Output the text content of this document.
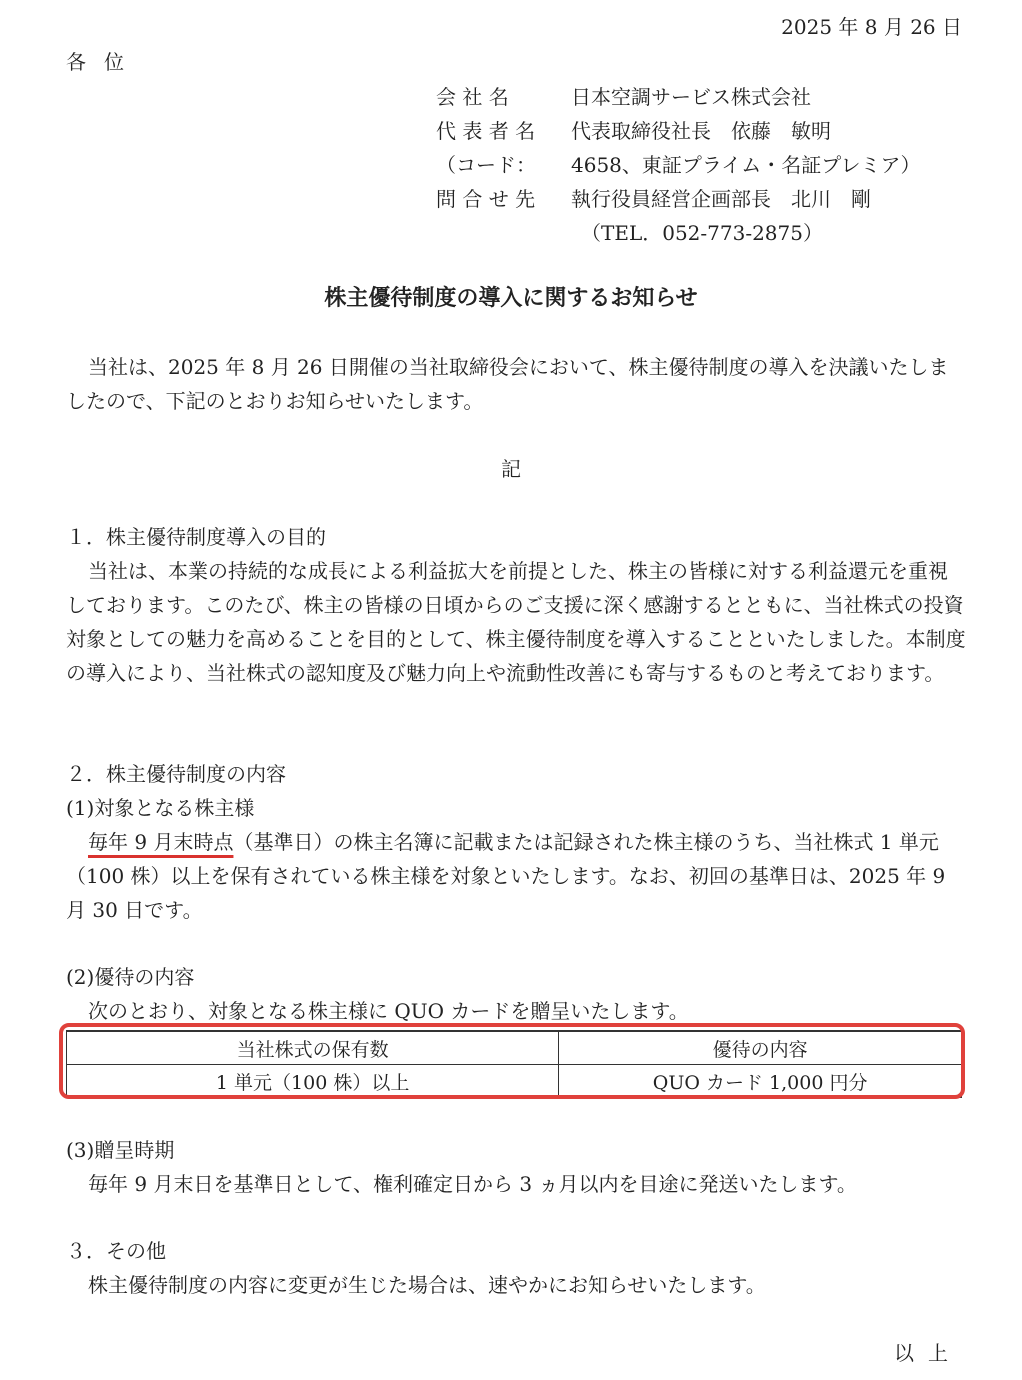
2025 年 8 月 26 日
各位
会 社 名	日本空調サービス株式会社
代 表 者 名 代表取締役社長　依藤　敏明
（コード： 4658、東証プライム・名証プレミア）
問 合 せ 先 執行役員経営企画部長　北川　剛
（TEL．052-773-2875）
株主優待制度の導入に関するお知らせ
当社は、2025 年 8 月 26 日開催の当社取締役会において、株主優待制度の導入を決議いたしましたので、下記のとおりお知らせいたします。
記
１．株主優待制度導入の目的
当社は、本業の持続的な成長による利益拡大を前提とした、株主の皆様に対する利益還元を重視しております。このたび、株主の皆様の日頃からのご支援に深く感謝するとともに、当社株式の投資対象としての魅力を高めることを目的として、株主優待制度を導入することといたしました。本制度の導入により、当社株式の認知度及び魅力向上や流動性改善にも寄与するものと考えております。
２．株主優待制度の内容
(1)対象となる株主様
毎年 9 月末時点（基準日）の株主名簿に記載または記録された株主様のうち、当社株式 1 単元（100 株）以上を保有されている株主様を対象といたします。なお、初回の基準日は、2025 年 9 月 30 日です。
(2)優待の内容
次のとおり、対象となる株主様に QUO カードを贈呈いたします。
当社株式の保有数	優待の内容
1 単元（100 株）以上	QUO カード 1,000 円分
(3)贈呈時期
毎年 9 月末日を基準日として、権利確定日から 3 ヵ月以内を目途に発送いたします。
３．その他
株主優待制度の内容に変更が生じた場合は、速やかにお知らせいたします。
以上
